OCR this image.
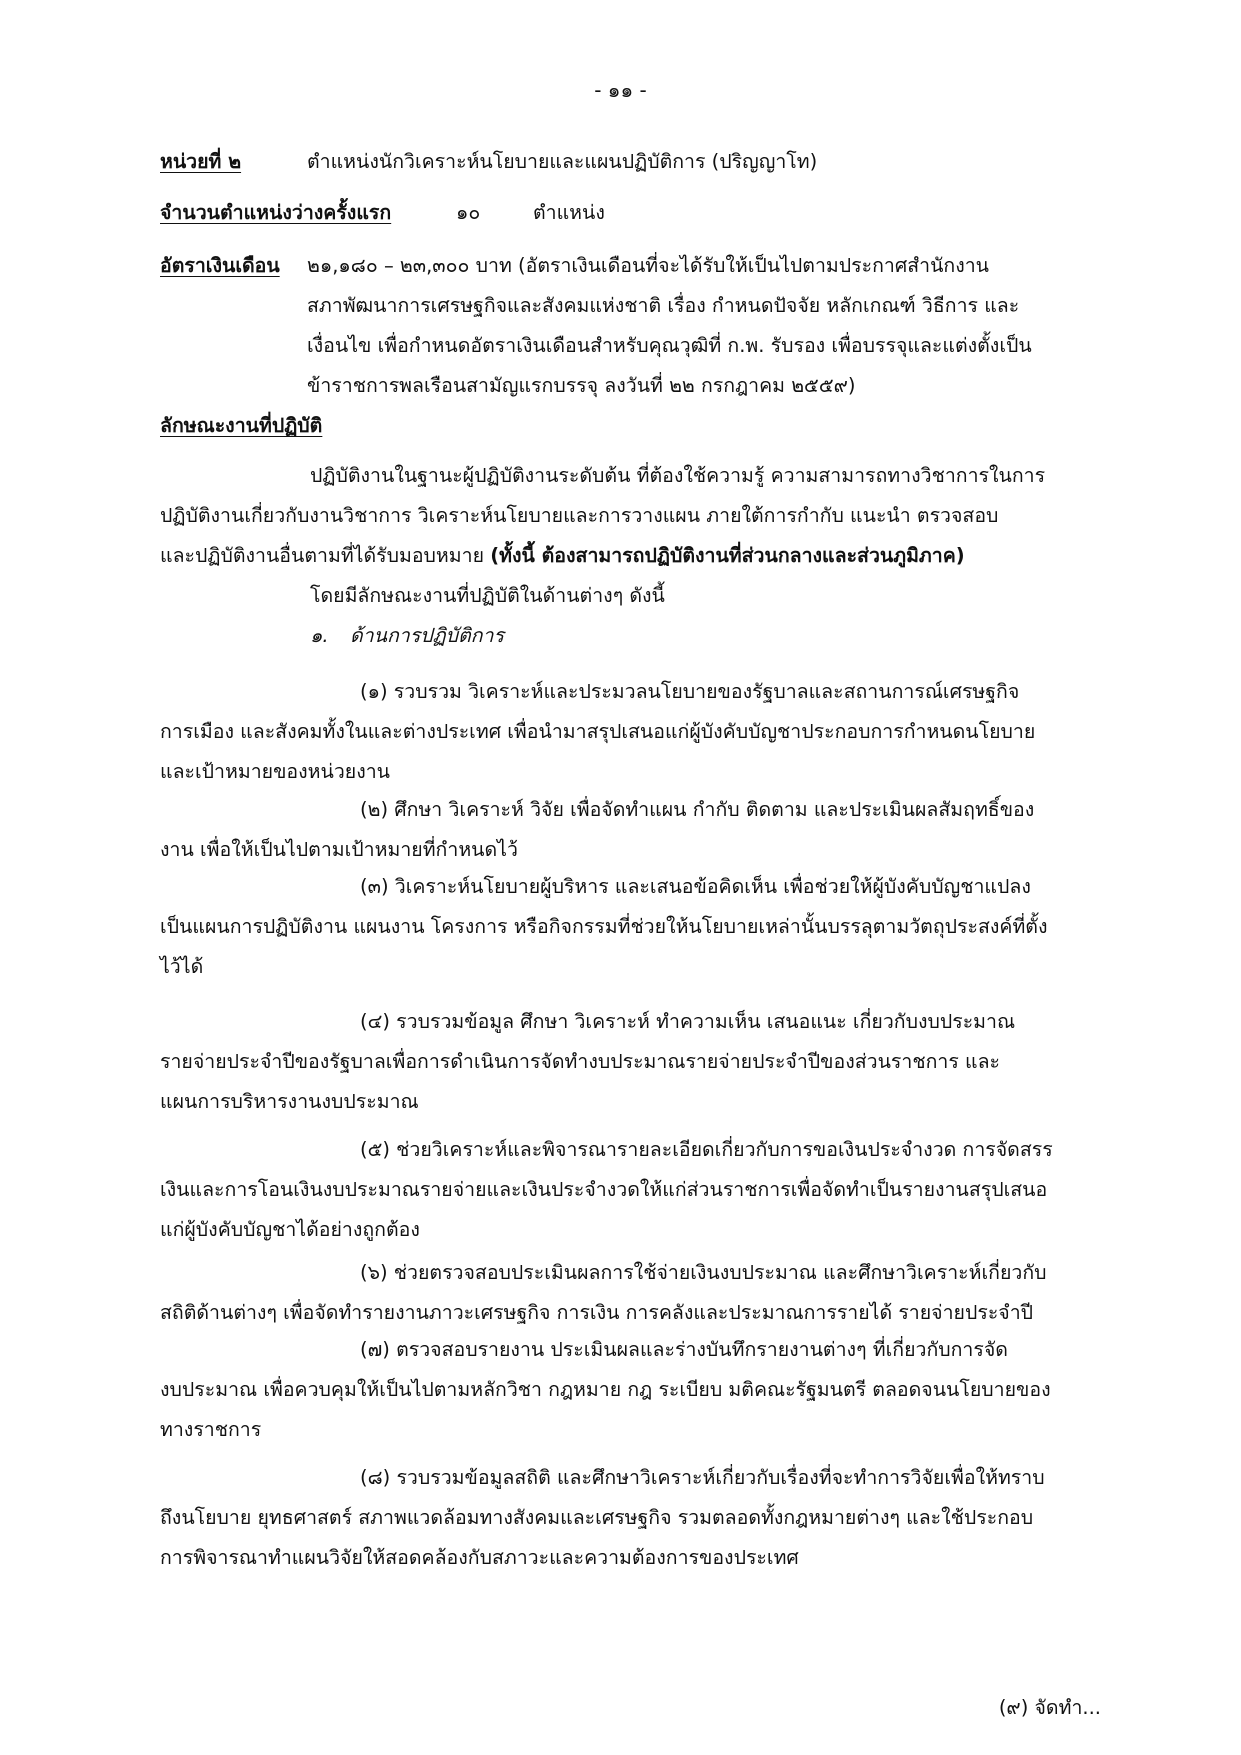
- ๑๑ -
หน่วยที่ ๒	ตำแหน่งนักวิเคราะห์นโยบายและแผนปฏิบัติการ (ปริญญาโท)
จำนวนตำแหน่งว่างครั้งแรก	๑๐	ตำแหน่ง
อัตราเงินเดือน ๒๑,๑๘๐ – ๒๓,๓๐๐ บาท (อัตราเงินเดือนที่จะได้รับให้เป็นไปตามประกาศสำนักงาน
สภาพัฒนาการเศรษฐกิจและสังคมแห่งชาติ เรื่อง กำหนดปัจจัย หลักเกณฑ์ วิธีการ และ
เงื่อนไข เพื่อกำหนดอัตราเงินเดือนสำหรับคุณวุฒิที่ ก.พ. รับรอง เพื่อบรรจุและแต่งตั้งเป็น
ข้าราชการพลเรือนสามัญแรกบรรจุ ลงวันที่ ๒๒ กรกฎาคม ๒๕๕๙)
ลักษณะงานที่ปฏิบัติ
ปฏิบัติงานในฐานะผู้ปฏิบัติงานระดับต้น ที่ต้องใช้ความรู้ ความสามารถทางวิชาการในการ
ปฏิบัติงานเกี่ยวกับงานวิชาการ วิเคราะห์นโยบายและการวางแผน ภายใต้การกำกับ แนะนำ ตรวจสอบ
และปฏิบัติงานอื่นตามที่ได้รับมอบหมาย
(ทั้งนี้ ต้องสามารถปฏิบัติงานที่ส่วนกลางและส่วนภูมิภาค)
โดยมีลักษณะงานที่ปฏิบัติในด้านต่างๆ ดังนี้
๑.	ด้านการปฏิบัติการ
(๑) รวบรวม วิเคราะห์และประมวลนโยบายของรัฐบาลและสถานการณ์เศรษฐกิจ
การเมือง และสังคมทั้งในและต่างประเทศ เพื่อนำมาสรุปเสนอแก่ผู้บังคับบัญชาประกอบการกำหนดนโยบาย
และเป้าหมายของหน่วยงาน
(๒) ศึกษา วิเคราะห์ วิจัย เพื่อจัดทำแผน กำกับ ติดตาม และประเมินผลสัมฤทธิ์ของ
งาน เพื่อให้เป็นไปตามเป้าหมายที่กำหนดไว้
(๓) วิเคราะห์นโยบายผู้บริหาร และเสนอข้อคิดเห็น เพื่อช่วยให้ผู้บังคับบัญชาแปลง
เป็นแผนการปฏิบัติงาน แผนงาน โครงการ หรือกิจกรรมที่ช่วยให้นโยบายเหล่านั้นบรรลุตามวัตถุประสงค์ที่ตั้ง
ไว้ได้
(๔) รวบรวมข้อมูล ศึกษา วิเคราะห์ ทำความเห็น เสนอแนะ เกี่ยวกับงบประมาณ
รายจ่ายประจำปีของรัฐบาลเพื่อการดำเนินการจัดทำงบประมาณรายจ่ายประจำปีของส่วนราชการ และ
แผนการบริหารงานงบประมาณ
(๕) ช่วยวิเคราะห์และพิจารณารายละเอียดเกี่ยวกับการขอเงินประจำงวด การจัดสรร
เงินและการโอนเงินงบประมาณรายจ่ายและเงินประจำงวดให้แก่ส่วนราชการเพื่อจัดทำเป็นรายงานสรุปเสนอ
แก่ผู้บังคับบัญชาได้อย่างถูกต้อง
(๖) ช่วยตรวจสอบประเมินผลการใช้จ่ายเงินงบประมาณ และศึกษาวิเคราะห์เกี่ยวกับ
สถิติด้านต่างๆ เพื่อจัดทำรายงานภาวะเศรษฐกิจ การเงิน การคลังและประมาณการรายได้ รายจ่ายประจำปี
(๗) ตรวจสอบรายงาน ประเมินผลและร่างบันทึกรายงานต่างๆ ที่เกี่ยวกับการจัด
งบประมาณ เพื่อควบคุมให้เป็นไปตามหลักวิชา กฎหมาย กฎ ระเบียบ มติคณะรัฐมนตรี ตลอดจนนโยบายของ
ทางราชการ
(๘) รวบรวมข้อมูลสถิติ และศึกษาวิเคราะห์เกี่ยวกับเรื่องที่จะทำการวิจัยเพื่อให้ทราบ
ถึงนโยบาย ยุทธศาสตร์ สภาพแวดล้อมทางสังคมและเศรษฐกิจ รวมตลอดทั้งกฎหมายต่างๆ และใช้ประกอบ
การพิจารณาทำแผนวิจัยให้สอดคล้องกับสภาวะและความต้องการของประเทศ
(๙) จัดทำ...
